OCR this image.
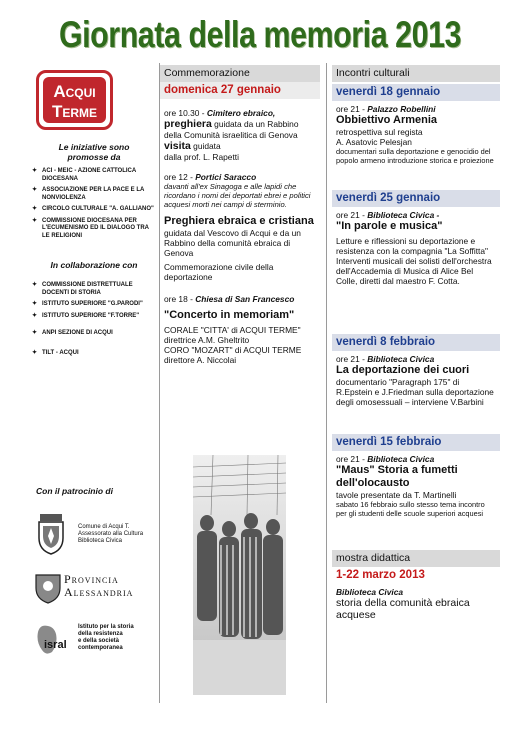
Giornata della memoria 2013
Acqui
Terme
Le iniziative sono
promosse da
✦ ACI - MEIC - AZIONE CATTOLICA DIOCESANA
✦ ASSOCIAZIONE PER LA PACE E LA NONVIOLENZA
✦ CIRCOLO CULTURALE "A. GALLIANO"
✦ COMMISSIONE DIOCESANA PER L'ECUMENISMO ED IL DIALOGO TRA LE RELIGIONI
In collaborazione con
✦ COMMISSIONE DISTRETTUALE DOCENTI DI STORIA
✦ ISTITUTO SUPERIORE "G.PARODI"
✦ ISTITUTO SUPERIORE "F.TORRE"
✦ ANPI SEZIONE DI ACQUI
✦ TILT - ACQUI
Con il patrocinio di
Comune di Acqui T.
Assessorato alla Cultura
Biblioteca Civica
Provincia
Alessandria
isral
Istituto per la storia
della resistenza
e della società
contemporanea
Commemorazione
domenica 27 gennaio
ore 10.30 - Cimitero ebraico,
preghiera guidata da un Rabbino della Comunità israelitica di Genova
visita guidata
dalla prof. L. Rapetti
ore 12 - Portici Saracco
davanti all'ex Sinagoga e alle lapidi che ricordano i nomi dei deportati ebrei e politici acquesi morti nei campi di sterminio.
Preghiera ebraica e cristiana
guidata dal Vescovo di Acqui e da un Rabbino della comunità ebraica di Genova
Commemorazione civile della deportazione
ore 18 - Chiesa di San Francesco
"Concerto in memoriam"
CORALE "CITTA' di ACQUI TERME"
direttrice A.M. Gheltrito
CORO "MOZART" di ACQUI TERME
direttore A. Niccolai
Incontri culturali
venerdì 18 gennaio
ore 21 - Palazzo Robellini
Obbiettivo Armenia
retrospettiva sul regista
A. Asatovic Pelesjan
documentari sulla deportazione e genocidio del popolo armeno introduzione storica e proiezione
venerdì 25 gennaio
ore 21 - Biblioteca Civica -
"In parole e musica"
Letture e riflessioni su deportazione e resistenza con la compagnia "La Soffitta"
Interventi musicali dei solisti dell'orchestra dell'Accademia di Musica di Alice Bel Colle, diretti dal maestro F. Cotta.
venerdì 8 febbraio
ore 21 - Biblioteca Civica
La deportazione dei cuori
documentario "Paragraph 175" di R.Epstein e J.Friedman sulla deportazione degli omosessuali – interviene V.Barbini
venerdì 15 febbraio
ore 21 - Biblioteca Civica
"Maus" Storia a fumetti dell'olocausto
tavole presentate da T. Martinelli
sabato 16 febbraio sullo stesso tema incontro per gli studenti delle scuole superiori acquesi
mostra didattica
1-22 marzo 2013
Biblioteca Civica
storia della comunità ebraica acquese
